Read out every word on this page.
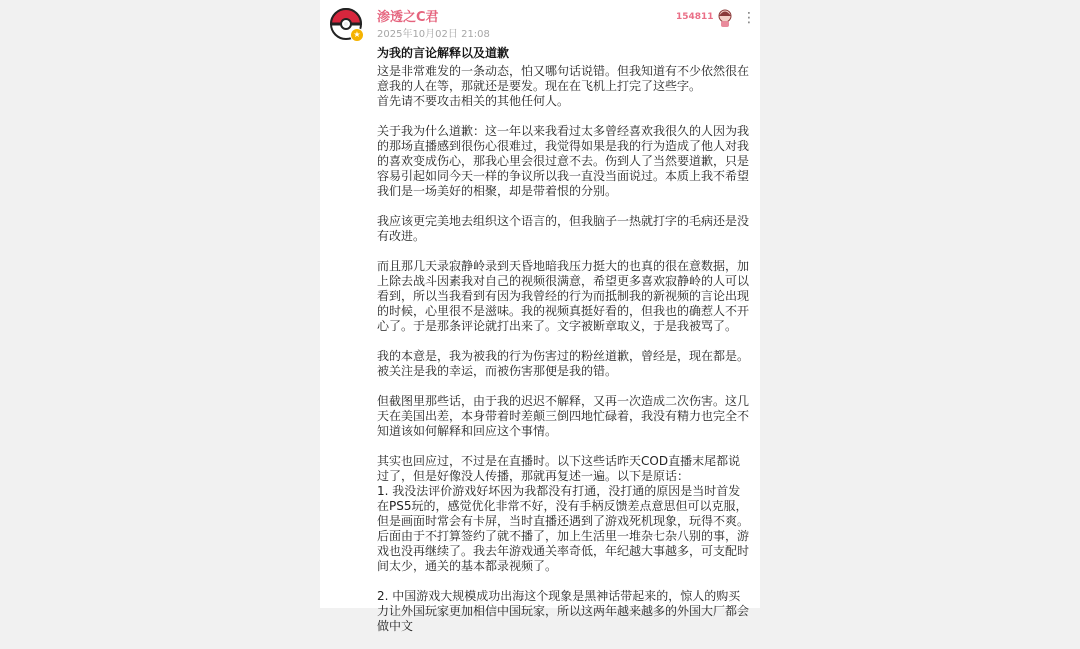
★
渗透之C君
2025年10月02日 21:08
154811 ⋮
为我的言论解释以及道歉

这是非常难发的一条动态，怕又哪句话说错。但我知道有不少依然很在意我的人在等，那就还是要发。现在在飞机上打完了这些字。
首先请不要攻击相关的其他任何人。

关于我为什么道歉：这一年以来我看过太多曾经喜欢我很久的人因为我的那场直播感到很伤心很难过，我觉得如果是我的行为造成了他人对我的喜欢变成伤心，那我心里会很过意不去。伤到人了当然要道歉，只是容易引起如同今天一样的争议所以我一直没当面说过。本质上我不希望我们是一场美好的相聚，却是带着恨的分别。

我应该更完美地去组织这个语言的，但我脑子一热就打字的毛病还是没有改进。

而且那几天录寂静岭录到天昏地暗我压力挺大的也真的很在意数据，加上除去战斗因素我对自己的视频很满意，希望更多喜欢寂静岭的人可以看到，所以当我看到有因为我曾经的行为而抵制我的新视频的言论出现的时候，心里很不是滋味。我的视频真挺好看的，但我也的确惹人不开心了。于是那条评论就打出来了。文字被断章取义，于是我被骂了。

我的本意是，我为被我的行为伤害过的粉丝道歉，曾经是，现在都是。被关注是我的幸运，而被伤害那便是我的错。

但截图里那些话，由于我的迟迟不解释，又再一次造成二次伤害。这几天在美国出差，本身带着时差颠三倒四地忙碌着，我没有精力也完全不知道该如何解释和回应这个事情。

其实也回应过，不过是在直播时。以下这些话昨天COD直播末尾都说过了，但是好像没人传播，那就再复述一遍。以下是原话：
1. 我没法评价游戏好坏因为我都没有打通，没打通的原因是当时首发在PS5玩的，感觉优化非常不好，没有手柄反馈差点意思但可以克服，但是画面时常会有卡屏，当时直播还遇到了游戏死机现象，玩得不爽。后面由于不打算签约了就不播了，加上生活里一堆杂七杂八别的事，游戏也没再继续了。我去年游戏通关率奇低，年纪越大事越多，可支配时间太少，通关的基本都录视频了。

2. 中国游戏大规模成功出海这个现象是黑神话带起来的，惊人的购买力让外国玩家更加相信中国玩家，所以这两年越来越多的外国大厂都会做中文
